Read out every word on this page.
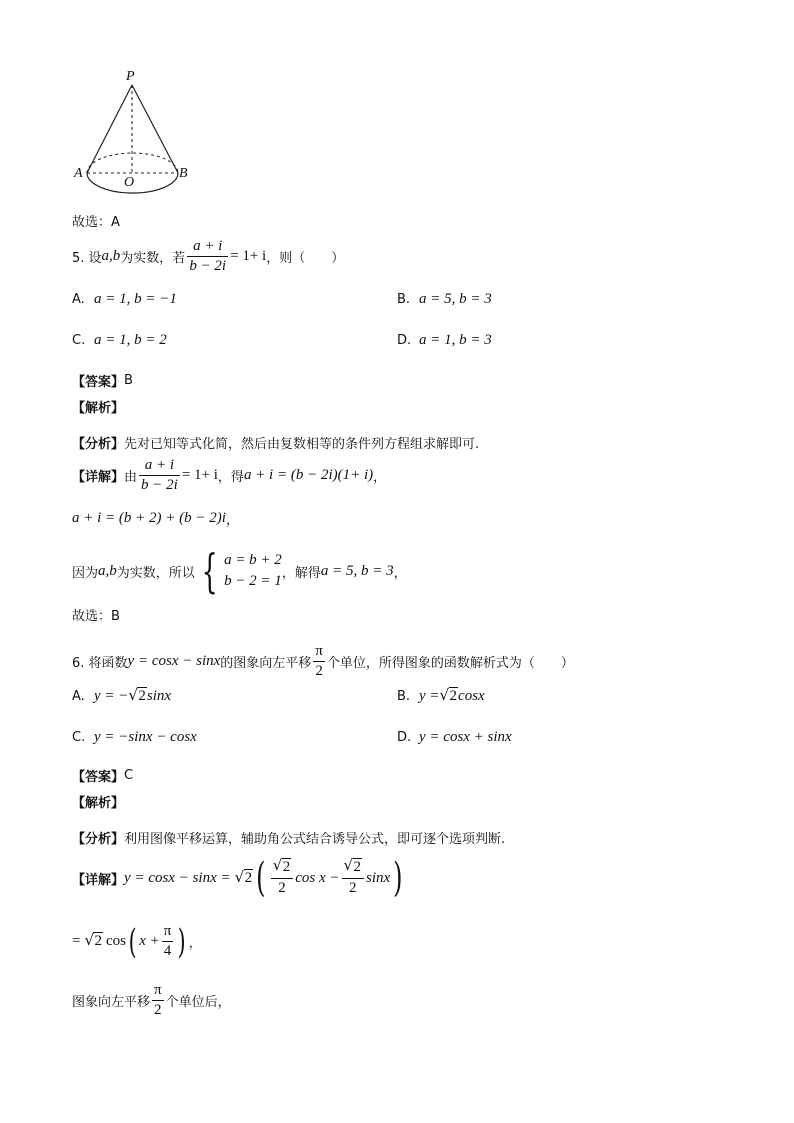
P
A
O
B
故选：A
5. 设 a,b 为实数，若 $\frac{a + i}{b - 2i} = 1+ i$ ，则（　　）
A. a = 1, b = −1	B. a = 5, b = 3
C. a = 1, b = 2	D. a = 1, b = 3
【答案】 B
【解析】
【分析】 先对已知等式化简，然后由复数相等的条件列方程组求解即可.
【详解】 由 $\frac{a + i}{b - 2i} = 1+ i$ ，得 a + i = (b − 2i)(1+ i) ，
a + i = (b + 2) + (b − 2)i ，
因为 a,b 为实数，所以 { a = b + 2
b − 2 = 1 ，解得 a = 5, b = 3 ，
故选：B
6. 将函数 y = cosx − sinx 的图象向左平移 $\frac{\pi}{2}$ 个单位，所得图象的函数解析式为（　　）
A. y = − √ 2 sinx	B. y = √ 2 cosx
C. y = −sinx − cosx	D. y = cosx + sinx
【答案】 C
【解析】
【分析】 利用图像平移运算，辅助角公式结合诱导公式，即可逐个选项判断.
【详解】 y = cosx − sinx = √ 2 ( $\frac{√ 2}{2}$ $\cos x - \frac{√ 2}{2}$ sinx )
= √ 2 cos ( $x + \frac{\pi}{4}$ ) ，
图象向左平移 $\frac{\pi}{2}$ 个单位后，
